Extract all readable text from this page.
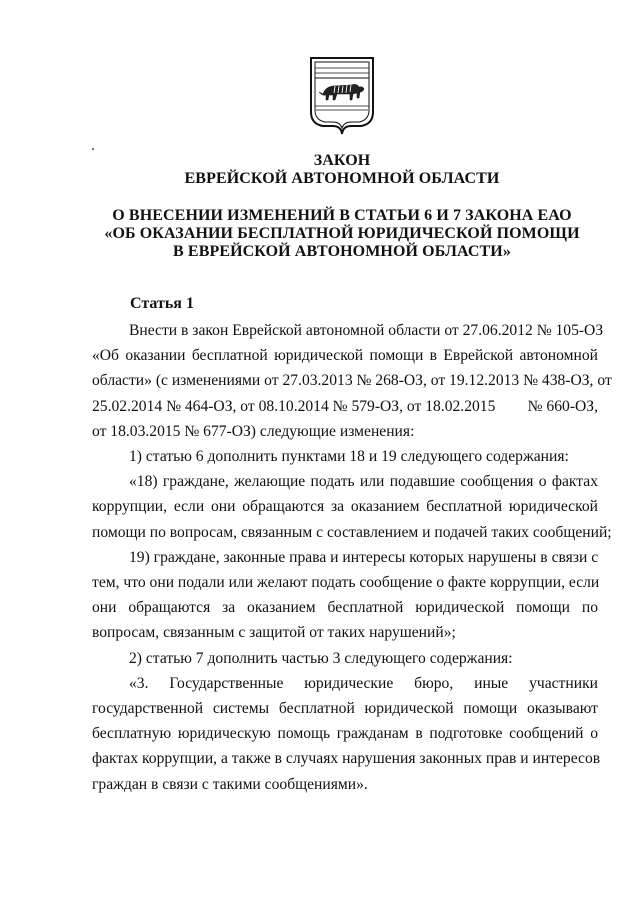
ЗАКОН
ЕВРЕЙСКОЙ АВТОНОМНОЙ ОБЛАСТИ
О ВНЕСЕНИИ ИЗМЕНЕНИЙ В СТАТЬИ 6 И 7 ЗАКОНА ЕАО
«ОБ ОКАЗАНИИ БЕСПЛАТНОЙ ЮРИДИЧЕСКОЙ ПОМОЩИ
В ЕВРЕЙСКОЙ АВТОНОМНОЙ ОБЛАСТИ»
Статья 1
Внести в закон Еврейской автономной области от 27.06.2012 № 105-ОЗ
«Об оказании бесплатной юридической помощи в Еврейской автономной
области» (с изменениями от 27.03.2013 № 268-ОЗ, от 19.12.2013 № 438-ОЗ, от
25.02.2014 № 464-ОЗ, от 08.10.2014 № 579-ОЗ, от 18.02.2015 № 660-ОЗ,
от 18.03.2015 № 677-ОЗ) следующие изменения:
1) статью 6 дополнить пунктами 18 и 19 следующего содержания:
«18) граждане, желающие подать или подавшие сообщения о фактах
коррупции, если они обращаются за оказанием бесплатной юридической
помощи по вопросам, связанным с составлением и подачей таких сообщений;
19) граждане, законные права и интересы которых нарушены в связи с
тем, что они подали или желают подать сообщение о факте коррупции, если
они обращаются за оказанием бесплатной юридической помощи по
вопросам, связанным с защитой от таких нарушений»;
2) статью 7 дополнить частью 3 следующего содержания:
«3. Государственные юридические бюро, иные участники
государственной системы бесплатной юридической помощи оказывают
бесплатную юридическую помощь гражданам в подготовке сообщений о
фактах коррупции, а также в случаях нарушения законных прав и интересов
граждан в связи с такими сообщениями».
